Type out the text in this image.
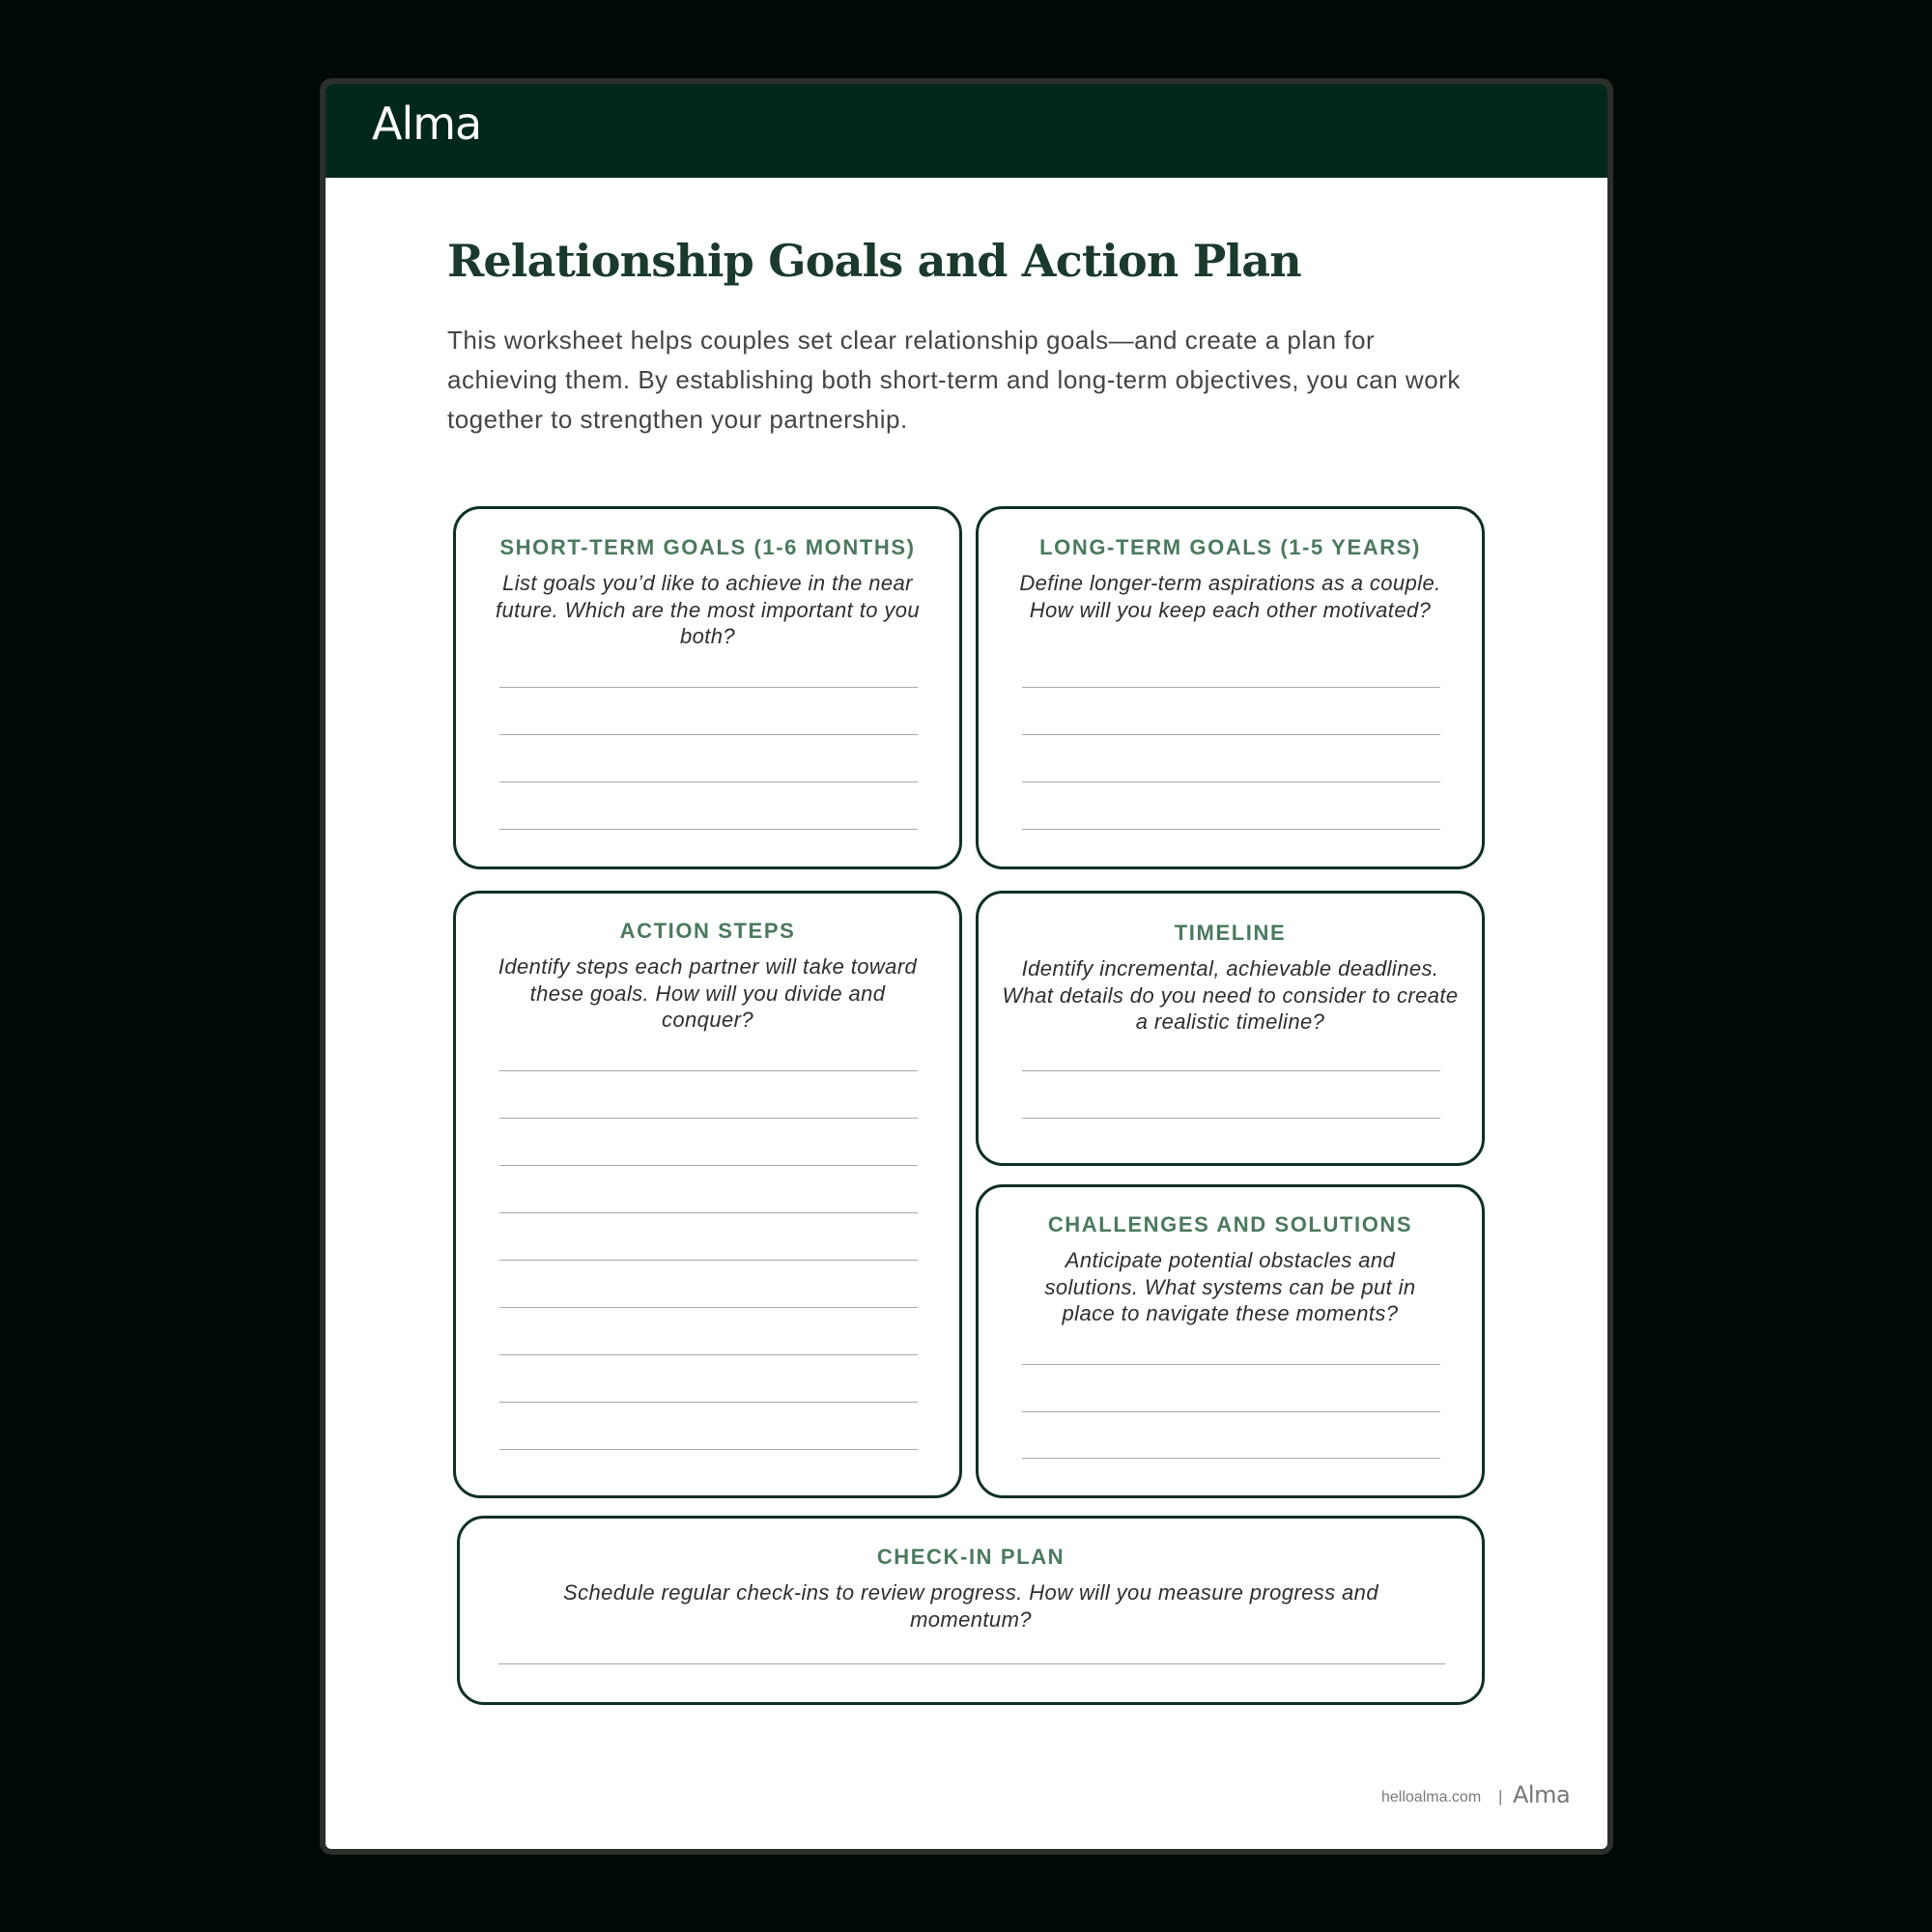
Alma
Relationship Goals and Action Plan

This worksheet helps couples set clear relationship goals—and create a plan for achieving them. By establishing both short-term and long-term objectives, you can work together to strengthen your partnership.

SHORT-TERM GOALS (1-6 MONTHS)
List goals you’d like to achieve in the near future. Which are the most important to you both?
LONG-TERM GOALS (1-5 YEARS)
Define longer-term aspirations as a couple. How will you keep each other motivated?
ACTION STEPS
Identify steps each partner will take toward these goals. How will you divide and conquer?
TIMELINE
Identify incremental, achievable deadlines. What details do you need to consider to create a realistic timeline?
CHALLENGES AND SOLUTIONS
Anticipate potential obstacles and solutions. What systems can be put in place to navigate these moments?
CHECK-IN PLAN
Schedule regular check-ins to review progress. How will you measure progress and momentum?
helloalma.com | Alma
